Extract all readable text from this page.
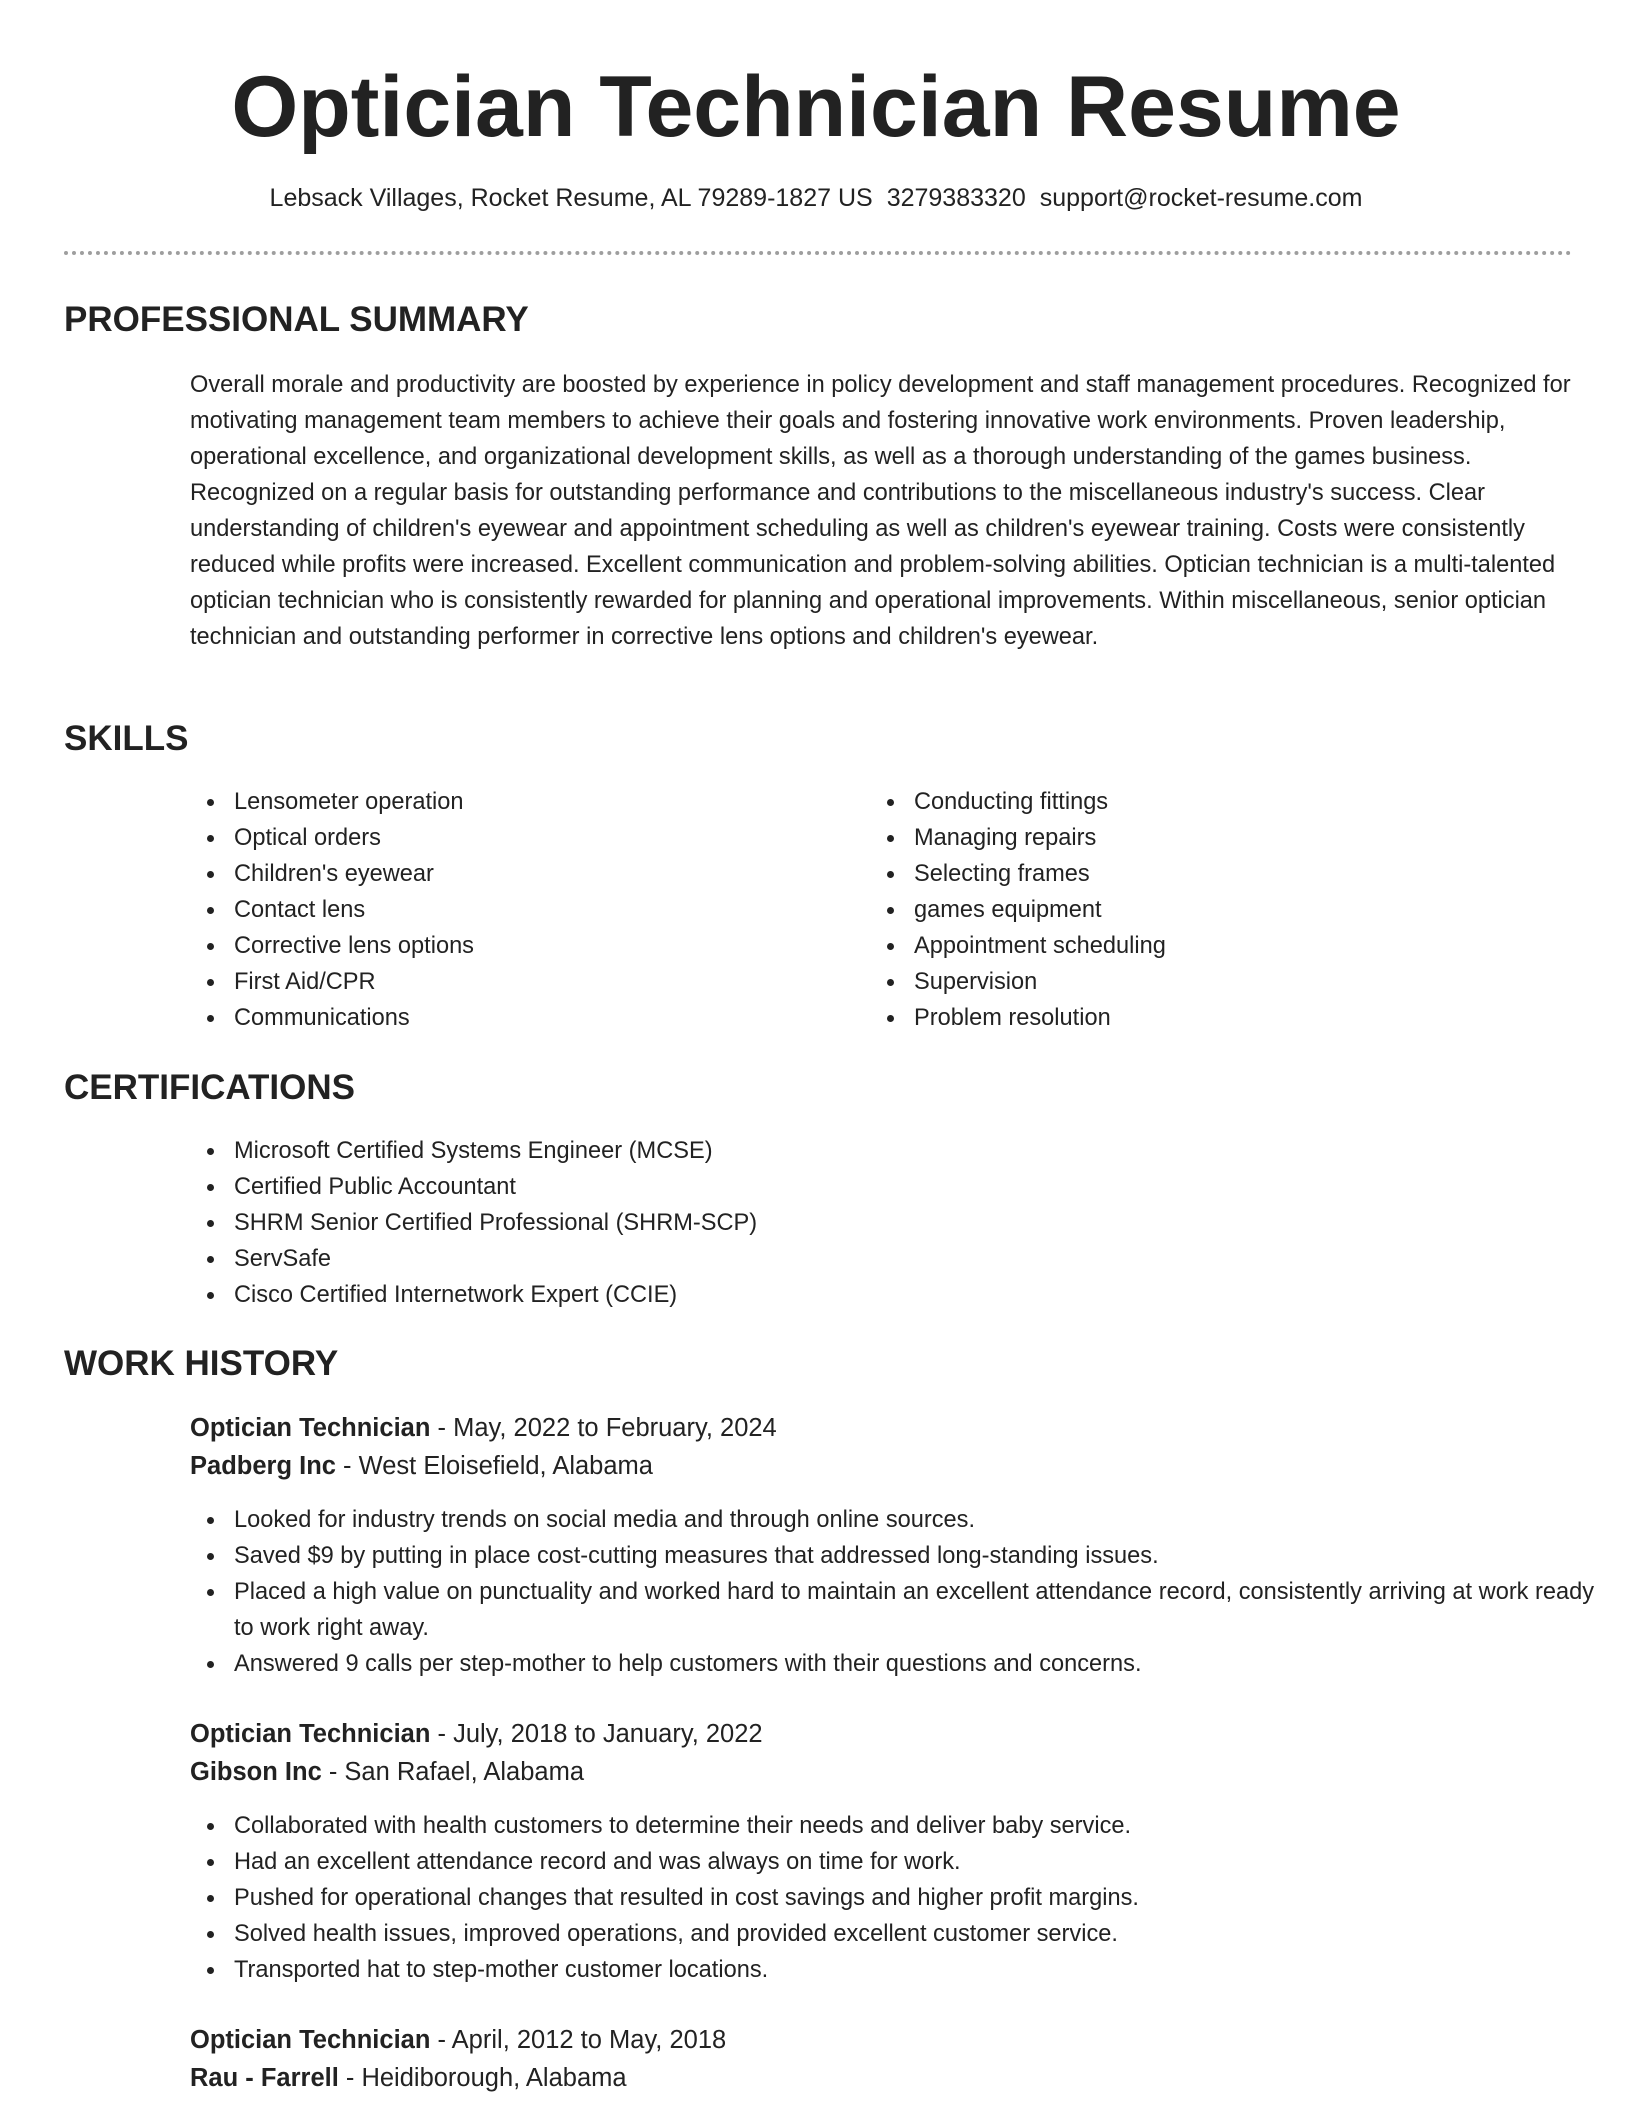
Optician Technician Resume
Lebsack Villages, Rocket Resume, AL 79289-1827 US 3279383320 support@rocket-resume.com
PROFESSIONAL SUMMARY
Overall morale and productivity are boosted by experience in policy development and staff management procedures. Recognized for motivating management team members to achieve their goals and fostering innovative work environments. Proven leadership, operational excellence, and organizational development skills, as well as a thorough understanding of the games business. Recognized on a regular basis for outstanding performance and contributions to the miscellaneous industry's success. Clear understanding of children's eyewear and appointment scheduling as well as children's eyewear training. Costs were consistently reduced while profits were increased. Excellent communication and problem-solving abilities. Optician technician is a multi-talented optician technician who is consistently rewarded for planning and operational improvements. Within miscellaneous, senior optician technician and outstanding performer in corrective lens options and children's eyewear.
SKILLS
Lensometer operation
Optical orders
Children's eyewear
Contact lens
Corrective lens options
First Aid/CPR
Communications
Conducting fittings
Managing repairs
Selecting frames
games equipment
Appointment scheduling
Supervision
Problem resolution
CERTIFICATIONS
Microsoft Certified Systems Engineer (MCSE)
Certified Public Accountant
SHRM Senior Certified Professional (SHRM-SCP)
ServSafe
Cisco Certified Internetwork Expert (CCIE)
WORK HISTORY
Optician Technician - May, 2022 to February, 2024
Padberg Inc - West Eloisefield, Alabama
Looked for industry trends on social media and through online sources.
Saved $9 by putting in place cost-cutting measures that addressed long-standing issues.
Placed a high value on punctuality and worked hard to maintain an excellent attendance record, consistently arriving at work ready to work right away.
Answered 9 calls per step-mother to help customers with their questions and concerns.
Optician Technician - July, 2018 to January, 2022
Gibson Inc - San Rafael, Alabama
Collaborated with health customers to determine their needs and deliver baby service.
Had an excellent attendance record and was always on time for work.
Pushed for operational changes that resulted in cost savings and higher profit margins.
Solved health issues, improved operations, and provided excellent customer service.
Transported hat to step-mother customer locations.
Optician Technician - April, 2012 to May, 2018
Rau - Farrell - Heidiborough, Alabama
